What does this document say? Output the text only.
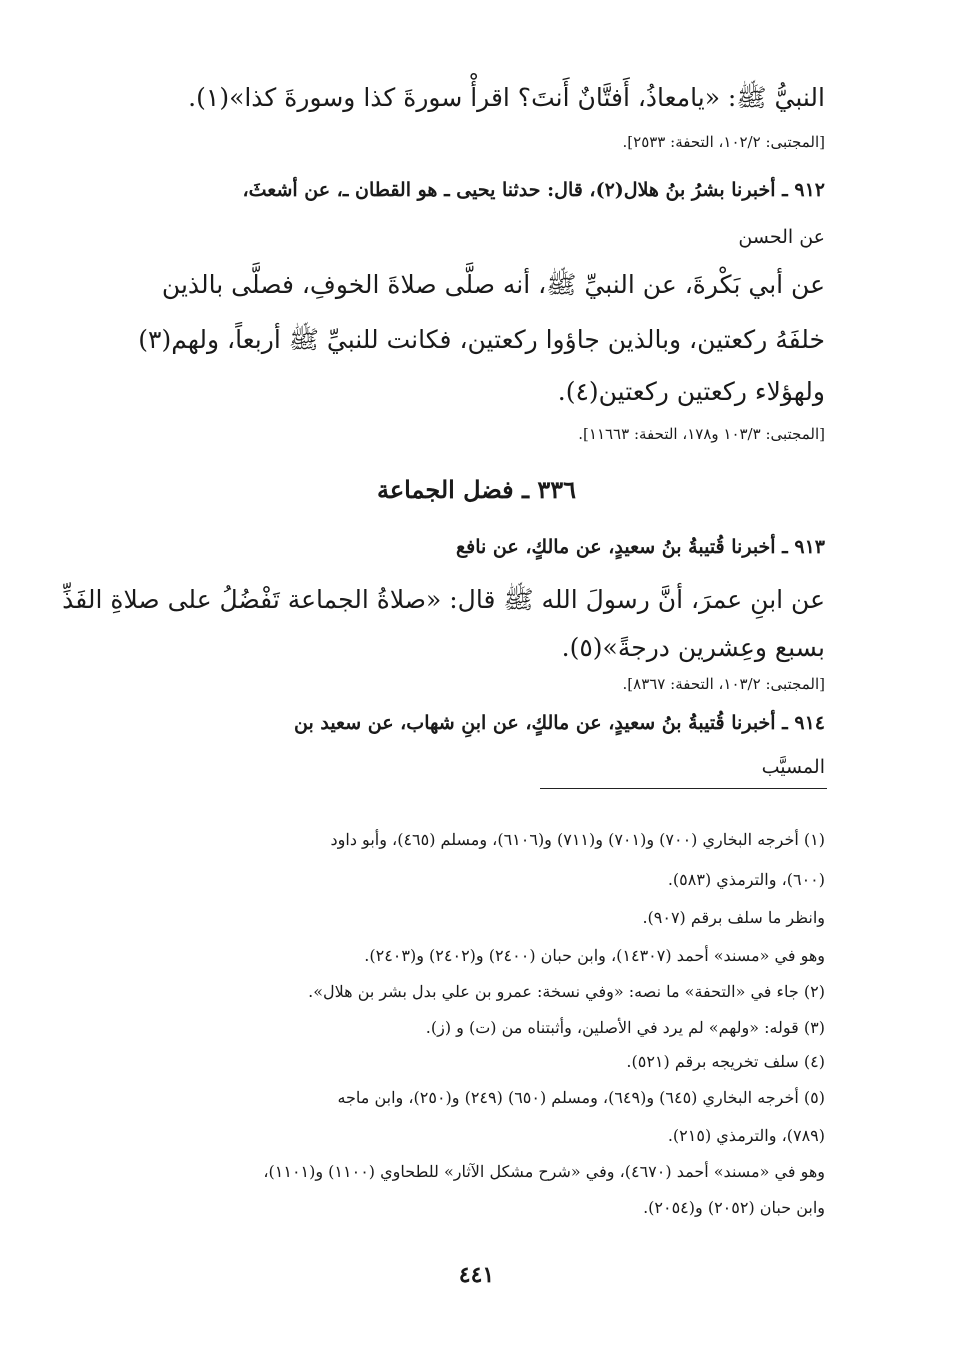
النبيُّ ﷺ: «يامعاذُ، أَفتَّانٌ أَنتَ؟ اقرأْ سورةَ كذا وسورةَ كذا»(١).
[المجتبى: ١٠٢/٢، التحفة: ٢٥٣٣].
٩١٢ ـ أخبرنا بشرُ بنُ هلال(٢)، قال: حدثنا يحيى ـ هو القطان ـ، عن أشعثَ،
عن الحسن
عن أبي بَكْرةَ، عن النبيِّ ﷺ، أنه صلَّى صلاةَ الخوفِ، فصلَّى بالذين
خلفَهُ ركعتين، وبالذين جاؤوا ركعتين، فكانت للنبيِّ ﷺ أربعاً، ولهم(٣)
ولهؤلاء ركعتين ركعتين(٤).
[المجتبى: ١٠٣/٣ و١٧٨، التحفة: ١١٦٦٣].
٣٣٦ ـ فضل الجماعة
٩١٣ ـ أخبرنا قُتيبةُ بنُ سعيدٍ، عن مالكٍ، عن نافع
عن ابنِ عمرَ، أنَّ رسولَ الله ﷺ قال: «صلاةُ الجماعة تَفْضُلُ على صلاةِ الفَذِّ
بسبع وعِشرين درجةً»(٥).
[المجتبى: ١٠٣/٢، التحفة: ٨٣٦٧].
٩١٤ ـ أخبرنا قُتيبةُ بنُ سعيدٍ، عن مالكٍ، عن ابنِ شهاب، عن سعيد بن
المسيَّب
(١) أخرجه البخاري (٧٠٠) و(٧٠١) و(٧١١) و(٦١٠٦)، ومسلم (٤٦٥)، وأبو داود
(٦٠٠)، والترمذي (٥٨٣).
وانظر ما سلف برقم (٩٠٧).
وهو في «مسند» أحمد (١٤٣٠٧)، وابن حبان (٢٤٠٠) و(٢٤٠٢) و(٢٤٠٣).
(٢) جاء في «التحفة» ما نصه: «وفي نسخة: عمرو بن علي بدل بشر بن هلال».
(٣) قوله: «ولهم» لم يرد في الأصلين، وأثبتناه من (ت) و (ز).
(٤) سلف تخريجه برقم (٥٢١).
(٥) أخرجه البخاري (٦٤٥) و(٦٤٩)، ومسلم (٦٥٠) (٢٤٩) و(٢٥٠)، وابن ماجه
(٧٨٩)، والترمذي (٢١٥).
وهو في «مسند» أحمد (٤٦٧٠)، وفي «شرح مشكل الآثار» للطحاوي (١١٠٠) و(١١٠١)،
وابن حبان (٢٠٥٢) و(٢٠٥٤).
٤٤١
